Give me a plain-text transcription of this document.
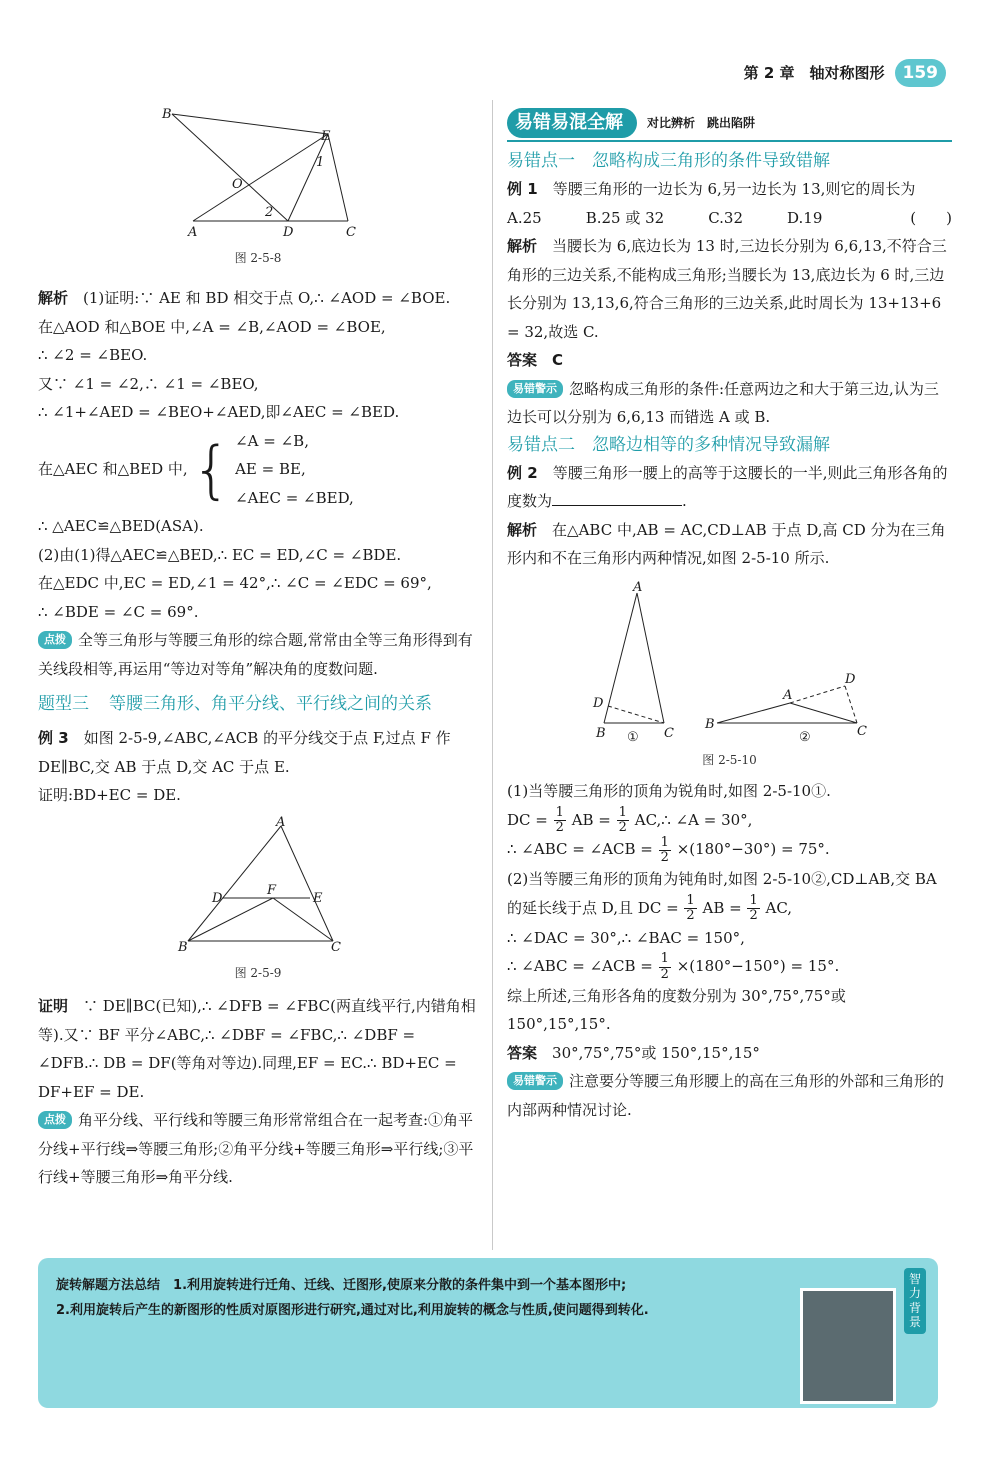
第 2 章　轴对称图形	159
B
E
1
O
2
A	D	C
图 2-5-8

解析　 (1)证明:∵ AE 和 BD 相交于点 O,∴ ∠AOD = ∠BOE.

在△AOD 和△BOE 中,∠A = ∠B,∠AOD = ∠BOE,

∴ ∠2 = ∠BEO.

又∵ ∠1 = ∠2,∴ ∠1 = ∠BEO,

∴ ∠1+∠AED = ∠BEO+∠AED,即∠AEC = ∠BED.

在△AEC 和△BED 中, { ∠A = ∠B,

AE = BE,

∠AEC = ∠BED,

∴ △AEC≌△BED(ASA).

(2)由(1)得△AEC≌△BED,∴ EC = ED,∠C = ∠BDE.

在△EDC 中,EC = ED,∠1 = 42°,∴ ∠C = ∠EDC = 69°,

∴ ∠BDE = ∠C = 69°.

点拨 全等三角形与等腰三角形的综合题,常常由全等三角形得到有关线段相等,再运用“等边对等角”解决角的度数问题.

题型三 等腰三角形、角平分线、平行线之间的关系

例 3　 如图 2-5-9,∠ABC,∠ACB 的平分线交于点 F,过点 F 作 DE∥BC,交 AB 于点 D,交 AC 于点 E.

证明:BD+EC = DE.

A
D
F
E
B	C
图 2-5-9

证明　 ∵ DE∥BC(已知),∴ ∠DFB = ∠FBC(两直线平行,内错角相等).又∵ BF 平分∠ABC,∴ ∠DBF = ∠FBC,∴ ∠DBF = ∠DFB.∴ DB = DF(等角对等边).同理,EF = EC.∴ BD+EC = DF+EF = DE.

点拨 角平分线、平行线和等腰三角形常常组合在一起考查:①角平分线+平行线⇒等腰三角形;②角平分线+等腰三角形⇒平行线;③平行线+等腰三角形⇒角平分线.

易错易混全解	对比辨析　跳出陷阱
易错点一　忽略构成三角形的条件导致错解

例 1　 等腰三角形的一边长为 6,另一边长为 13,则它的周长为
(　　)

A.25	B.25 或 32	C.32	D.19

解析　 当腰长为 6,底边长为 13 时,三边长分别为 6,6,13,不符合三角形的三边关系,不能构成三角形;当腰长为 13,底边长为 6 时,三边长分别为 13,13,6,符合三角形的三边关系,此时周长为 13+13+6 = 32,故选 C.

答案　 C

易错警示 忽略构成三角形的条件:任意两边之和大于第三边,认为三边长可以分别为 6,6,13 而错选 A 或 B.

易错点二　忽略边相等的多种情况导致漏解

例 2　 等腰三角形一腰上的高等于这腰长的一半,则此三角形各角的度数为	.

解析　 在△ABC 中,AB = AC,CD⊥AB 于点 D,高 CD 分为在三角形内和不在三角形内两种情况,如图 2-5-10 所示.

A
D
B	C
A
D
B	C
①	②
图 2-5-10

(1)当等腰三角形的顶角为锐角时,如图 2-5-10①.

DC = $\frac{1}{2}$ AB = $\frac{1}{2}$ AC,∴ ∠A = 30°,

∴ ∠ABC = ∠ACB = $\frac{1}{2} \times(180^\circ-30^\circ) = 75^\circ$.

(2)当等腰三角形的顶角为钝角时,如图 2-5-10②,CD⊥AB,交 BA 的延长线于点 D,且 DC = $\frac{1}{2}$ AB = $\frac{1}{2}$ AC,

∴ ∠DAC = 30°,∴ ∠BAC = 150°,

∴ ∠ABC = ∠ACB = $\frac{1}{2} \times(180^\circ-150^\circ) = 15^\circ$.

综上所述,三角形各角的度数分别为 30°,75°,75°或 150°,15°,15°.

答案　 30°,75°,75°或 150°,15°,15°

易错警示 注意要分等腰三角形腰上的高在三角形的外部和三角形的内部两种情况讨论.

旋转解题方法总结　 1.利用旋转进行迁角、迁线、迁图形,使原来分散的条件集中到一个基本图形中;
2.利用旋转后产生的新图形的性质对原图形进行研究,通过对比,利用旋转的概念与性质,使问题得到转化.
智力背景
